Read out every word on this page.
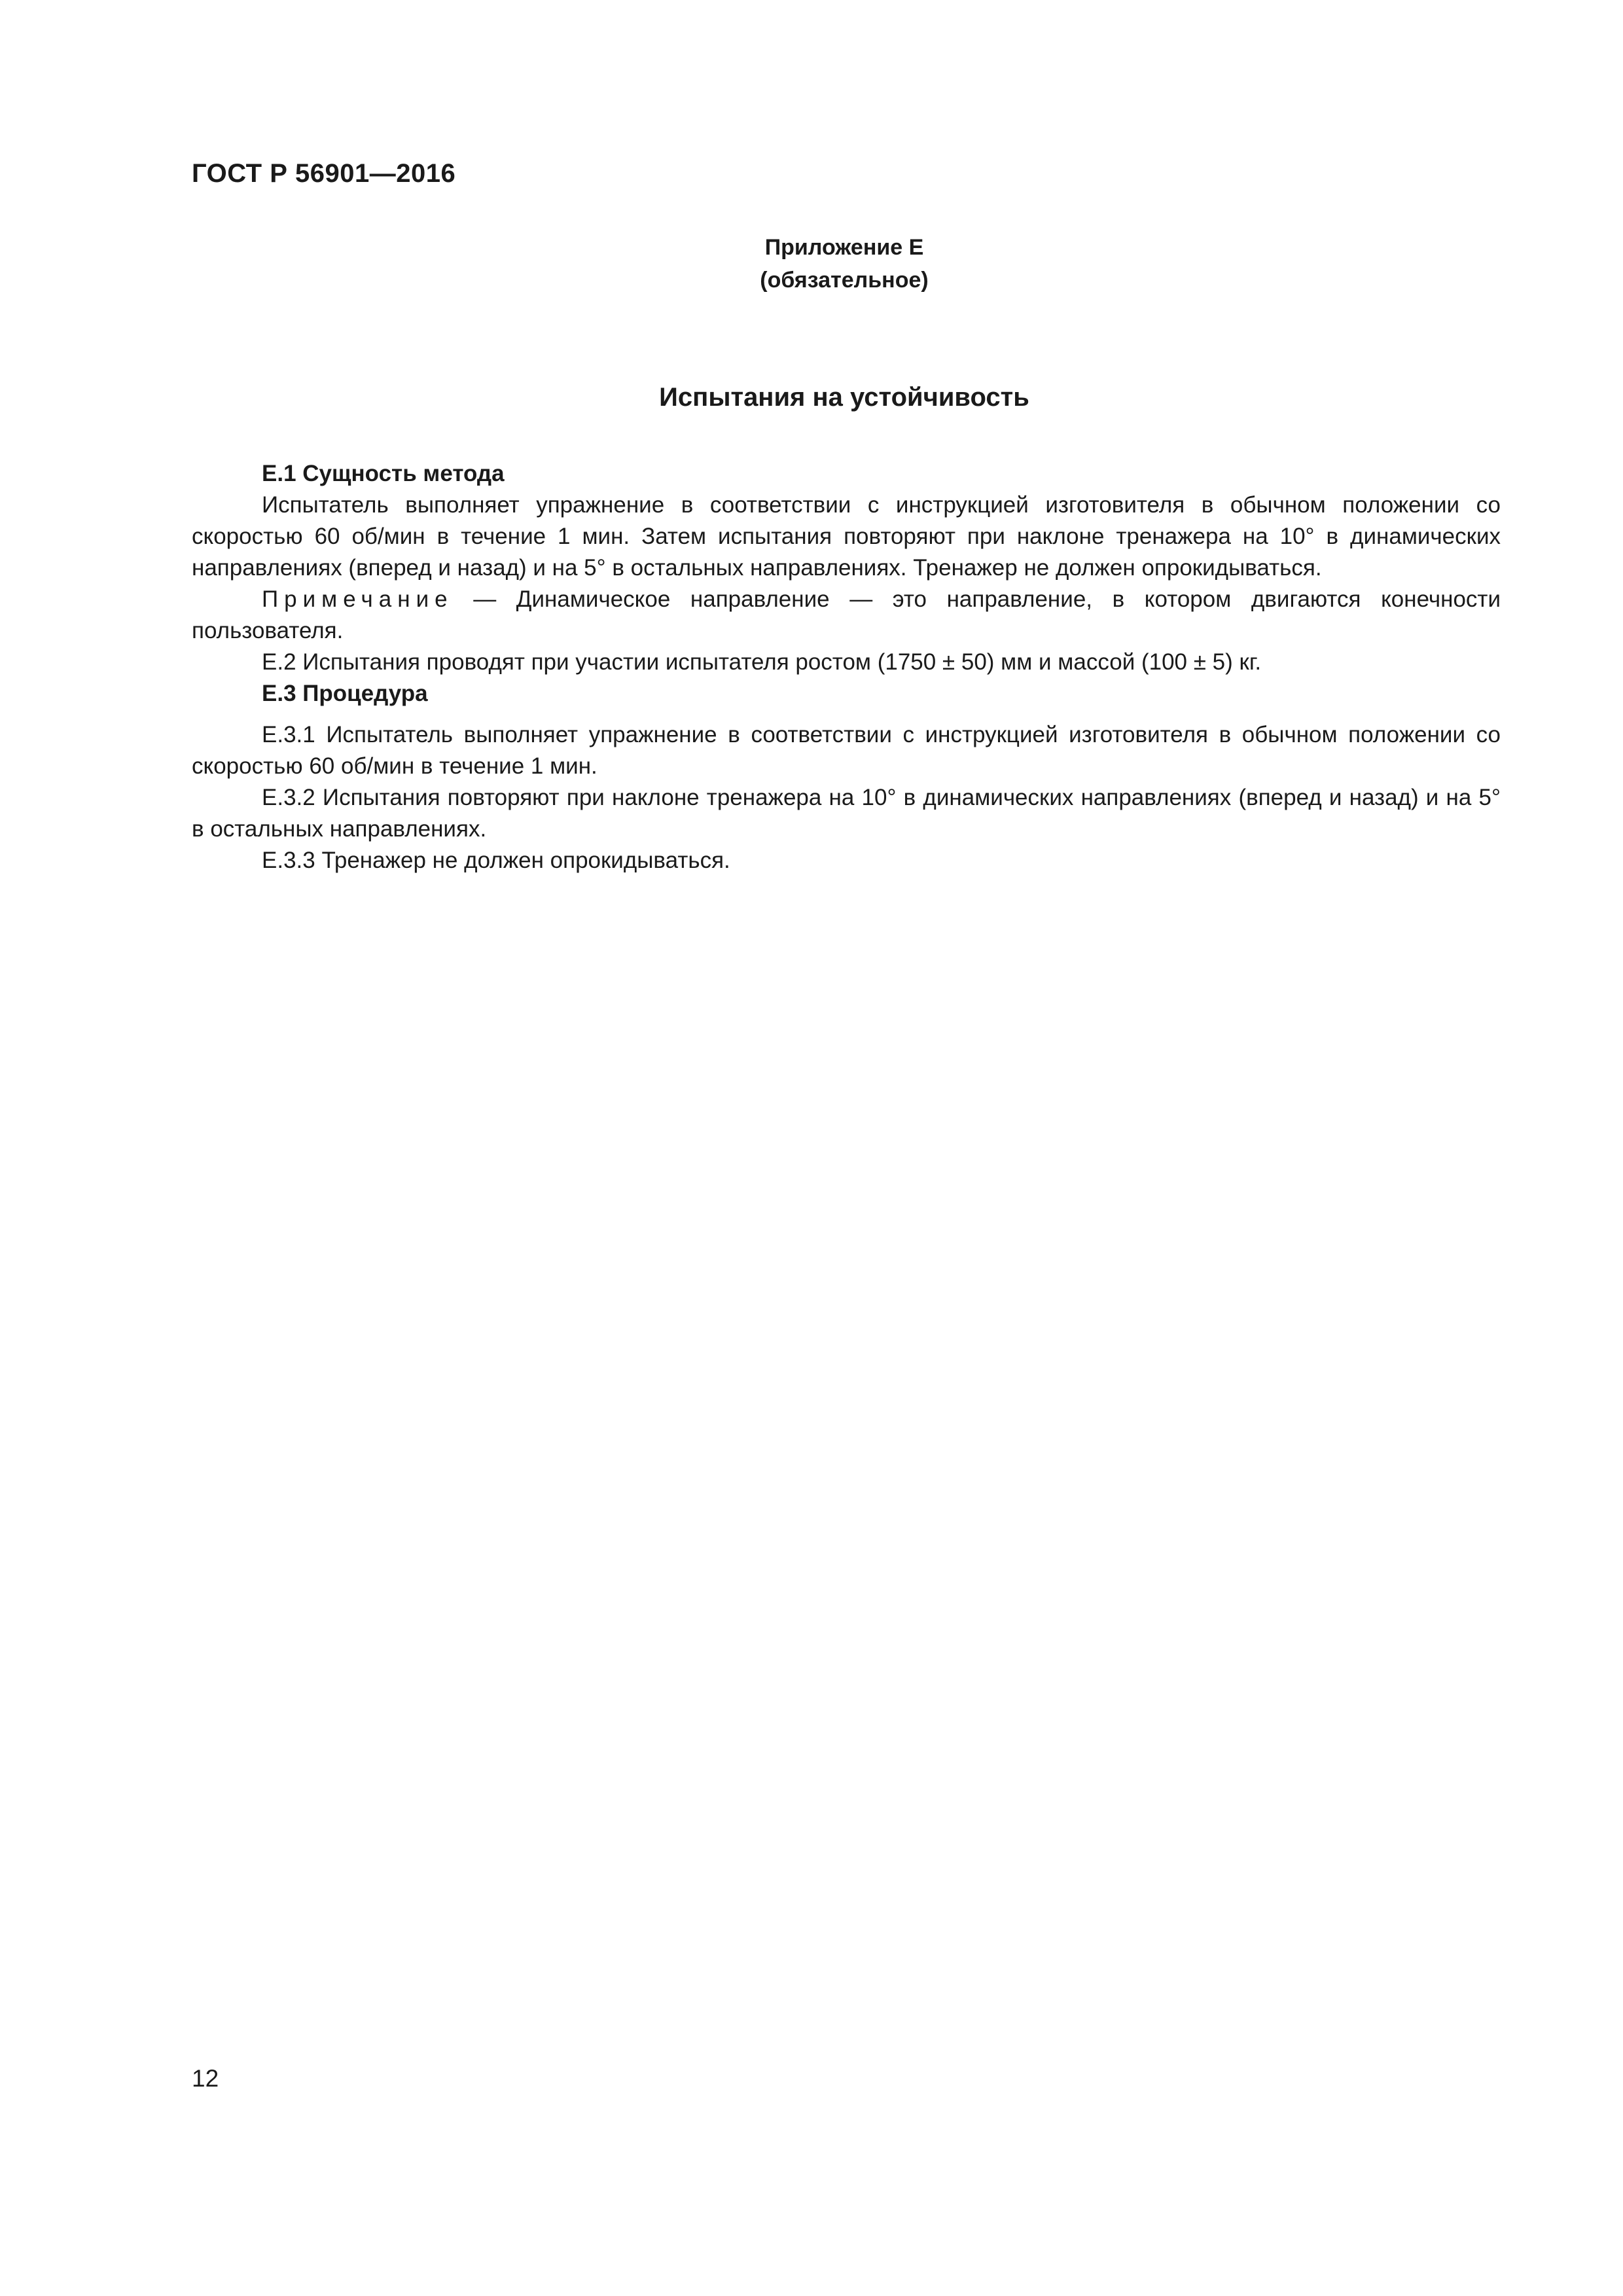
ГОСТ Р 56901—2016
Приложение Е
(обязательное)
Испытания на устойчивость

Е.1 Сущность метода

Испытатель выполняет упражнение в соответствии с инструкцией изготовителя в обычном положении со скоростью 60 об/мин в течение 1 мин. Затем испытания повторяют при наклоне тренажера на 10° в динамических направлениях (вперед и назад) и на 5° в остальных направлениях. Тренажер не должен опрокидываться.

Примечание — Динамическое направление — это направление, в котором двигаются конечности пользователя.

Е.2 Испытания проводят при участии испытателя ростом (1750 ± 50) мм и массой (100 ± 5) кг.

Е.3 Процедура

Е.3.1 Испытатель выполняет упражнение в соответствии с инструкцией изготовителя в обычном положении со скоростью 60 об/мин в течение 1 мин.

Е.3.2 Испытания повторяют при наклоне тренажера на 10° в динамических направлениях (вперед и назад) и на 5° в остальных направлениях.

Е.3.3 Тренажер не должен опрокидываться.

12
